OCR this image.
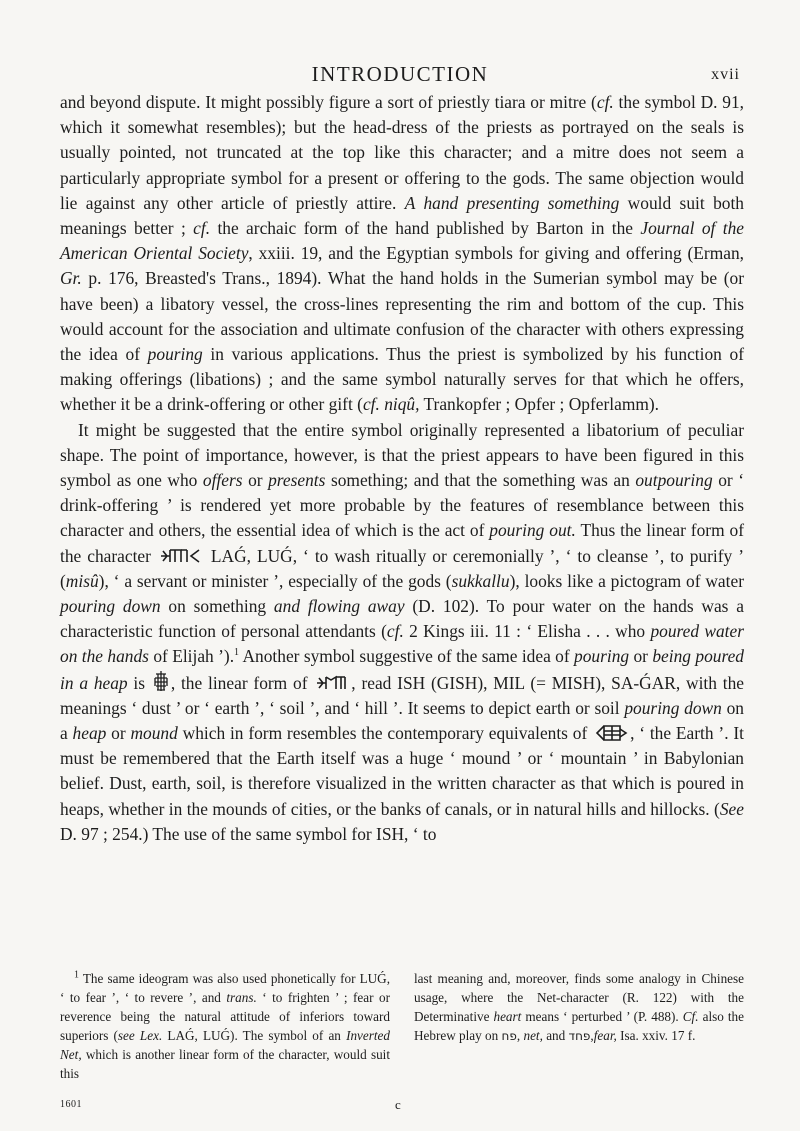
INTRODUCTION	xvii

and beyond dispute. It might possibly figure a sort of priestly tiara or mitre (cf. the symbol D. 91, which it somewhat resembles); but the head-dress of the priests as portrayed on the seals is usually pointed, not truncated at the top like this character; and a mitre does not seem a particularly appropriate symbol for a present or offering to the gods. The same objection would lie against any other article of priestly attire. A hand presenting something would suit both meanings better ; cf. the archaic form of the hand published by Barton in the Journal of the American Oriental Society, xxiii. 19, and the Egyptian symbols for giving and offering (Erman, Gr. p. 176, Breasted's Trans., 1894). What the hand holds in the Sumerian symbol may be (or have been) a libatory vessel, the cross-lines representing the rim and bottom of the cup. This would account for the association and ultimate confusion of the character with others expressing the idea of pouring in various applications. Thus the priest is symbolized by his function of making offerings (libations) ; and the same symbol naturally serves for that which he offers, whether it be a drink-offering or other gift (cf. niqû, Trankopfer ; Opfer ; Opferlamm).

It might be suggested that the entire symbol originally represented a libatorium of peculiar shape. The point of importance, however, is that the priest appears to have been figured in this symbol as one who offers or presents something; and that the something was an outpouring or ‘ drink-offering ’ is rendered yet more probable by the features of resemblance between this character and others, the essential idea of which is the act of pouring out. Thus the linear form of the character	LAǴ, LUǴ, ‘ to wash ritually or ceremonially ’, ‘ to cleanse ’, to purify ’ (misû), ‘ a servant or minister ’, especially of the gods (sukkallu), looks like a pictogram of water pouring down on something and flowing away (D. 102). To pour water on the hands was a characteristic function of personal attendants (cf. 2 Kings iii. 11 : ‘ Elisha . . . who poured water on the hands of Elijah ’).$^1$ Another symbol suggestive of the same idea of pouring or being poured in a heap is
, the linear form of
, read ISH (GISH), MIL (= MISH), SA-ǴAR, with the meanings ‘ dust ’ or ‘ earth ’, ‘ soil ’, and ‘ hill ’. It seems to depict earth or soil pouring down on a heap or mound which in form resembles the contemporary equivalents of
, ‘ the Earth ’. It must be remembered that the Earth itself was a huge ‘ mound ’ or ‘ mountain ’ in Babylonian belief. Dust, earth, soil, is therefore visualized in the written character as that which is poured in heaps, whether in the mounds of cities, or the banks of canals, or in natural hills and hillocks. (See D. 97 ; 254.) The use of the same symbol for ISH, ‘ to

$^1$ The same ideogram was also used phonetically for LUǴ, ‘ to fear ’, ‘ to revere ’, and trans. ‘ to frighten ’ ; fear or reverence being the natural attitude of inferiors toward superiors (see Lex. LAǴ, LUǴ). The symbol of an Inverted Net, which is another linear form of the character, would suit this

last meaning and, moreover, finds some analogy in Chinese usage, where the Net-character (R. 122) with the Determinative heart means ‘ perturbed ’ (P. 488). Cf. also the Hebrew play on פח, net, and פחד,fear, Isa. xxiv. 17 f.

1601	c
